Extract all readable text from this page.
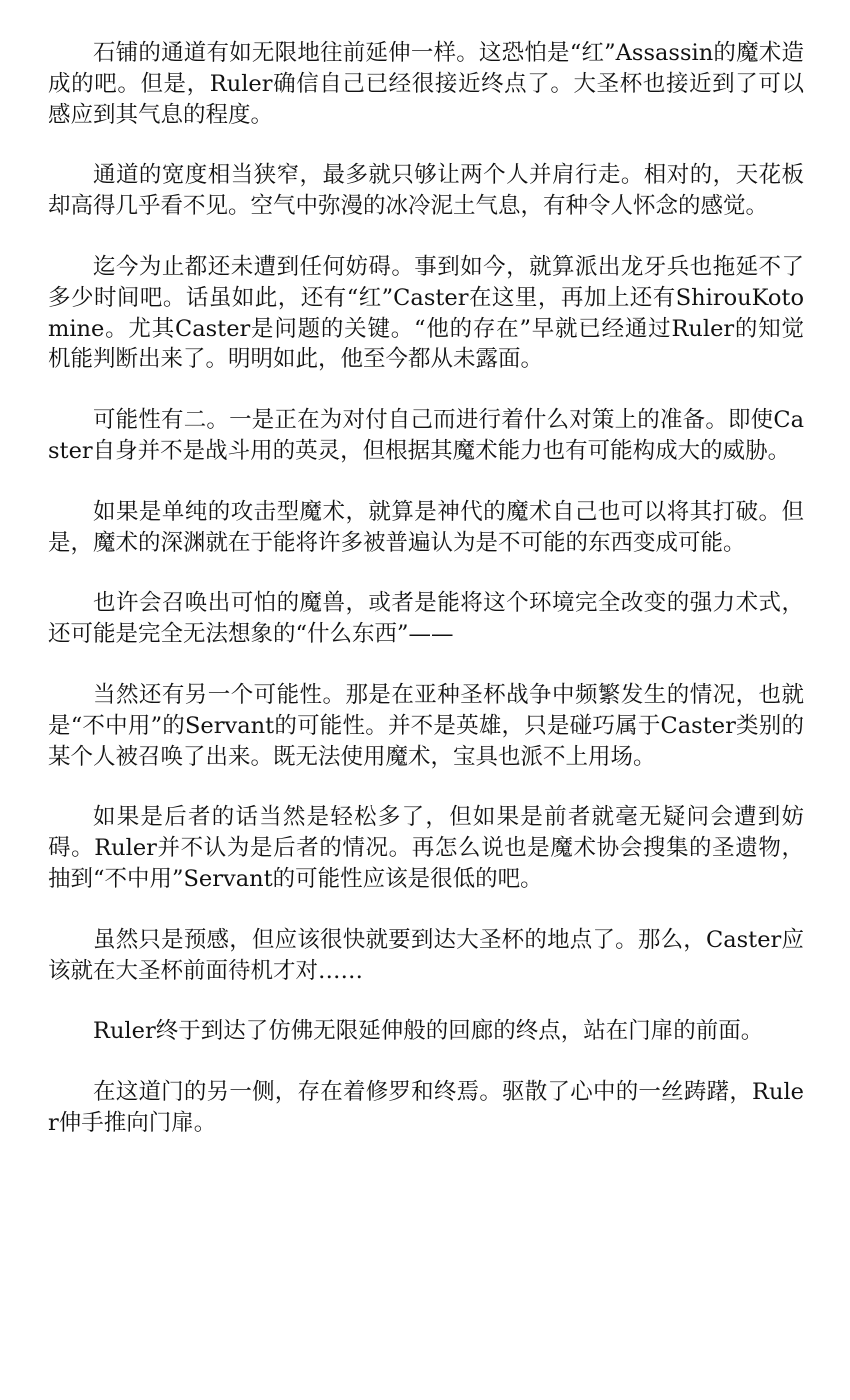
石铺的通道有如无限地往前延伸一样。这恐怕是“红”Assassin的魔术造成的吧。但是，Ruler确信自己已经很接近终点了。大圣杯也接近到了可以感应到其气息的程度。

通道的宽度相当狭窄，最多就只够让两个人并肩行走。相对的，天花板却高得几乎看不见。空气中弥漫的冰冷泥土气息，有种令人怀念的感觉。

迄今为止都还未遭到任何妨碍。事到如今，就算派出龙牙兵也拖延不了多少时间吧。话虽如此，还有“红”Caster在这里，再加上还有ShirouKotomine。尤其Caster是问题的关键。“他的存在”早就已经通过Ruler的知觉机能判断出来了。明明如此，他至今都从未露面。

可能性有二。一是正在为对付自己而进行着什么对策上的准备。即使Caster自身并不是战斗用的英灵，但根据其魔术能力也有可能构成大的威胁。

如果是单纯的攻击型魔术，就算是神代的魔术自己也可以将其打破。但是，魔术的深渊就在于能将许多被普遍认为是不可能的东西变成可能。

也许会召唤出可怕的魔兽，或者是能将这个环境完全改变的强力术式，还可能是完全无法想象的“什么东西”——

当然还有另一个可能性。那是在亚种圣杯战争中频繁发生的情况，也就是“不中用”的Servant的可能性。并不是英雄，只是碰巧属于Caster类别的某个人被召唤了出来。既无法使用魔术，宝具也派不上用场。

如果是后者的话当然是轻松多了，但如果是前者就毫无疑问会遭到妨碍。Ruler并不认为是后者的情况。再怎么说也是魔术协会搜集的圣遗物，抽到“不中用”Servant的可能性应该是很低的吧。

虽然只是预感，但应该很快就要到达大圣杯的地点了。那么，Caster应该就在大圣杯前面待机才对……

Ruler终于到达了仿佛无限延伸般的回廊的终点，站在门扉的前面。

在这道门的另一侧，存在着修罗和终焉。驱散了心中的一丝踌躇，Ruler伸手推向门扉。
